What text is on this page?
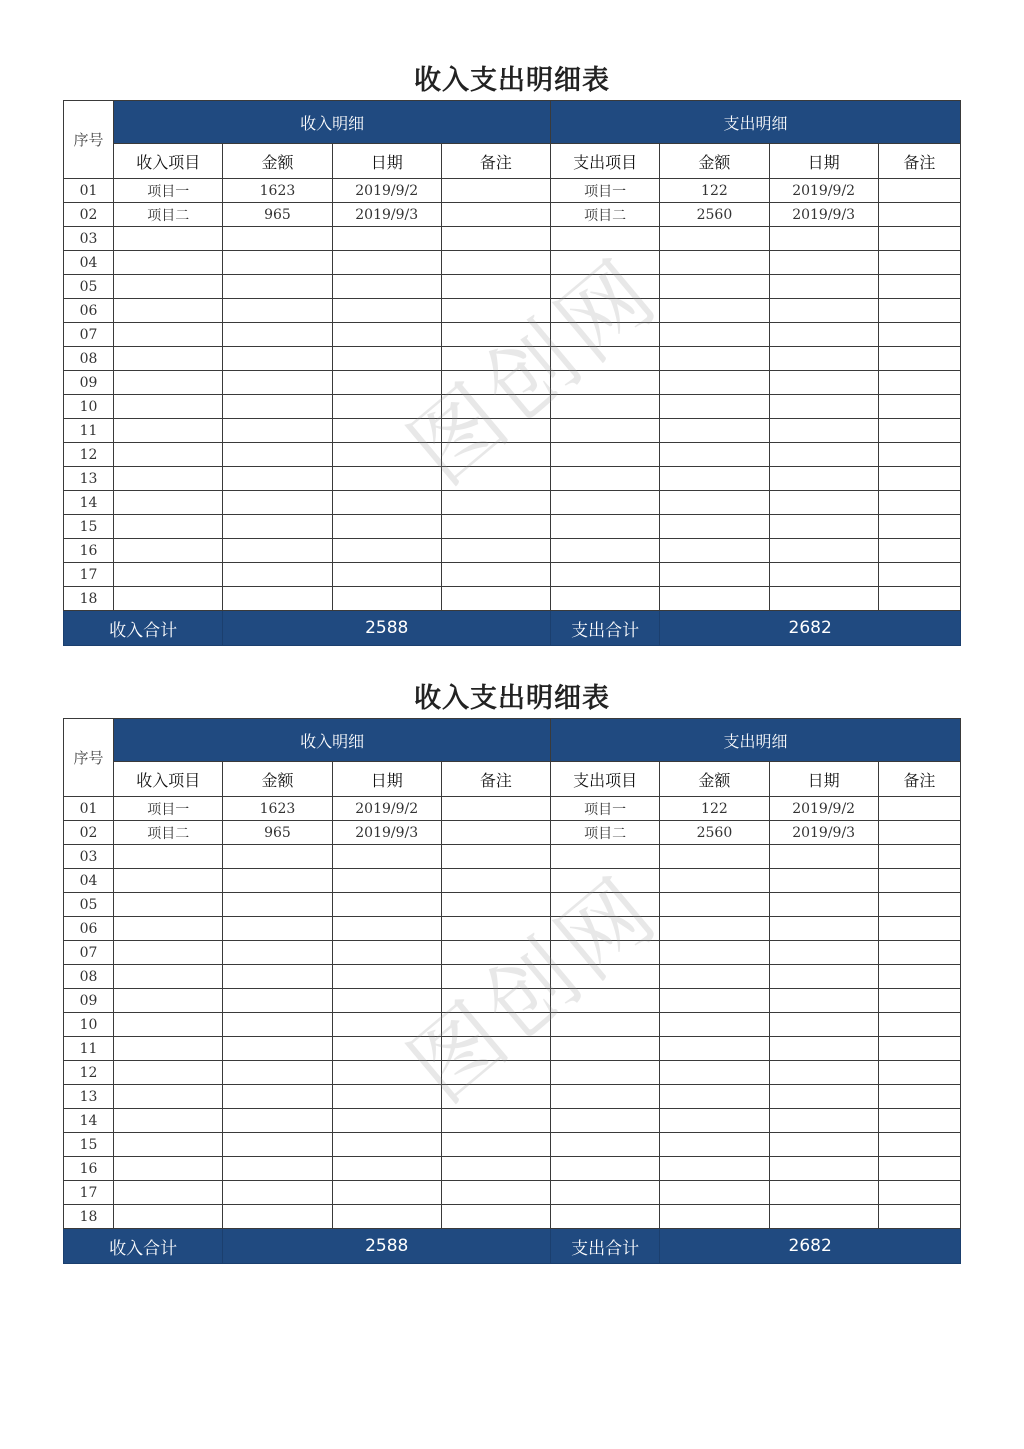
收入支出明细表
序号	收入明细				支出明细			
	收入项目	金额	日期	备注	支出项目	金额	日期	备注
01	项目一	1623	2019/9/2		项目一	122	2019/9/2	
02	项目二	965	2019/9/3		项目二	2560	2019/9/3	
03								
04								
05								
06								
07								
08								
09								
10								
11								
12								
13								
14								
15								
16								
17								
18								
收入合计		2588			支出合计	2682		
收入支出明细表
序号	收入明细				支出明细			
	收入项目	金额	日期	备注	支出项目	金额	日期	备注
01	项目一	1623	2019/9/2		项目一	122	2019/9/2	
02	项目二	965	2019/9/3		项目二	2560	2019/9/3	
03								
04								
05								
06								
07								
08								
09								
10								
11								
12								
13								
14								
15								
16								
17								
18								
收入合计		2588			支出合计	2682		
图创网
图创网
